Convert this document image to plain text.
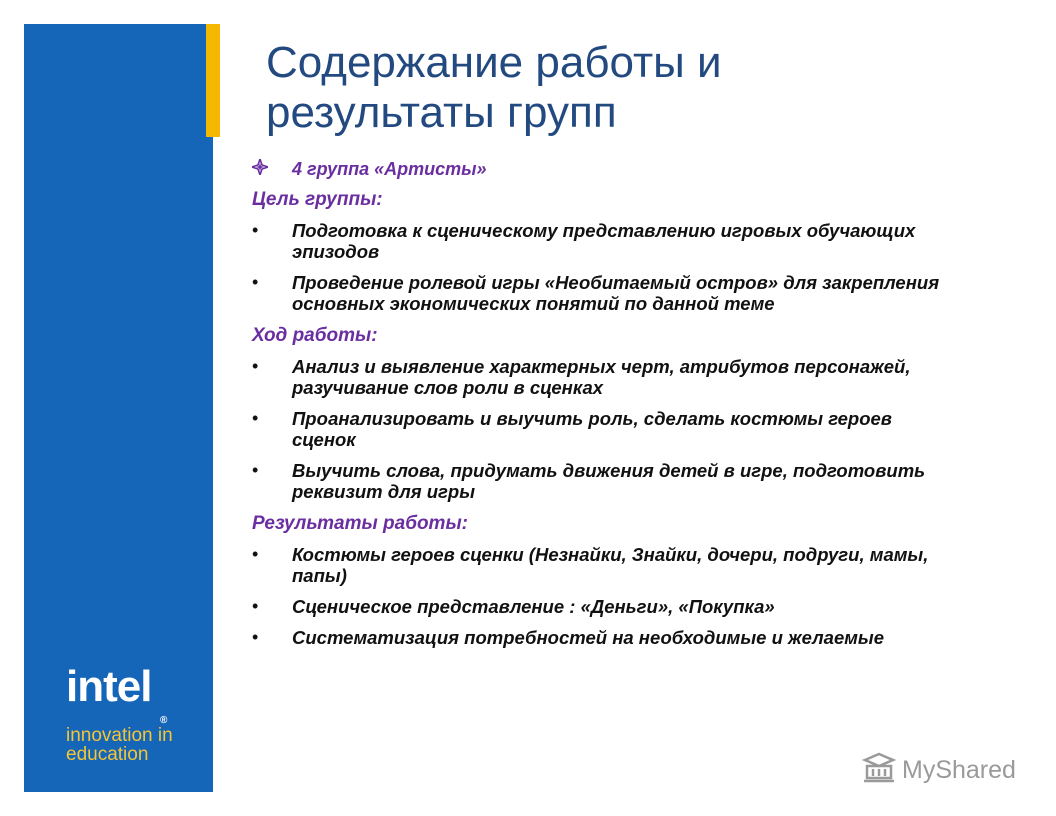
intel
®
innovation in
education
Содержание работы и
результаты групп
4 группа «Артисты»
Цель группы:
•	Подготовка к сценическому представлению игровых обучающих эпизодов
•	Проведение ролевой игры «Необитаемый остров» для закрепления основных экономических понятий по данной теме
Ход работы:
•	Анализ и выявление характерных черт, атрибутов персонажей, разучивание слов роли в сценках
•	Проанализировать и выучить роль, сделать костюмы героев сценок
•	Выучить слова, придумать движения детей в игре, подготовить реквизит для игры
Результаты работы:
•	Костюмы героев сценки (Незнайки, Знайки, дочери, подруги, мамы, папы)
•	Сценическое представление : «Деньги», «Покупка»
•	Систематизация потребностей на необходимые и желаемые
MyShared
